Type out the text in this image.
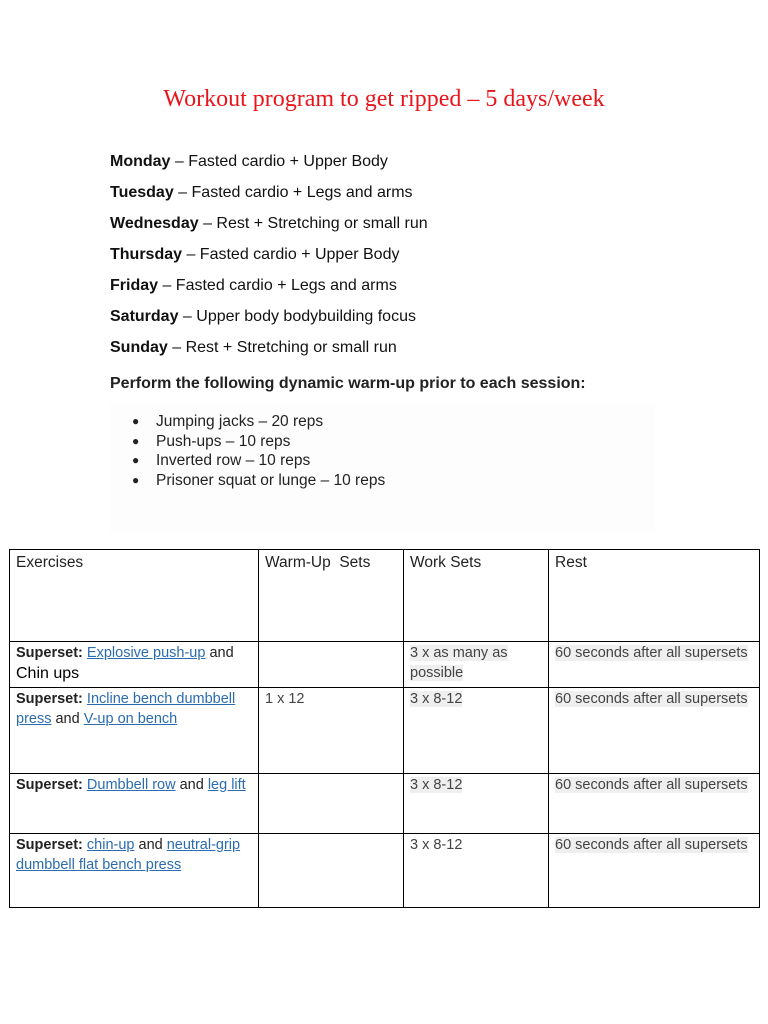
Workout program to get ripped – 5 days/week
Monday – Fasted cardio + Upper Body
Tuesday – Fasted cardio + Legs and arms
Wednesday – Rest + Stretching or small run
Thursday – Fasted cardio + Upper Body
Friday – Fasted cardio + Legs and arms
Saturday – Upper body bodybuilding focus
Sunday – Rest + Stretching or small run
Perform the following dynamic warm-up prior to each session:
● Jumping jacks – 20 reps
● Push-ups – 10 reps
● Inverted row – 10 reps
● Prisoner squat or lunge – 10 reps
Exercises	Warm-Up  Sets	Work Sets	Rest
Superset: Explosive push-up and Chin ups		3 x as many as possible	60 seconds after all supersets
Superset: Incline bench dumbbell press and V-up on bench	1 x 12	3 x 8-12	60 seconds after all supersets
Superset: Dumbbell row and leg lift		3 x 8-12	60 seconds after all supersets
Superset: chin-up and neutral-grip dumbbell flat bench press		3 x 8-12	60 seconds after all supersets
